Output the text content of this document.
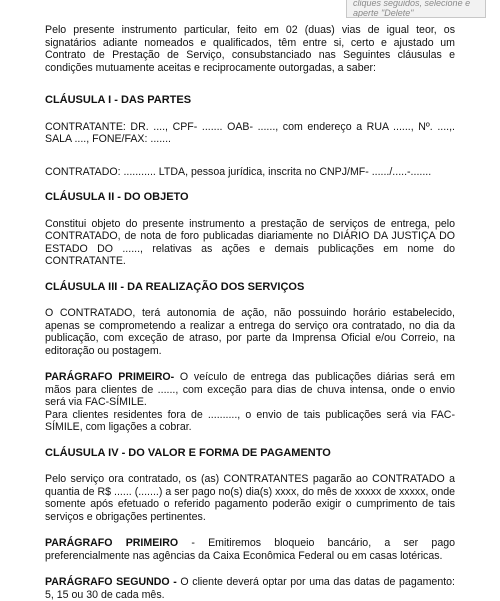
cliques seguidos, selecione e
aperte "Delete"

Pelo presente instrumento particular, feito em 02 (duas) vias de igual teor, os signatários adiante nomeados e qualificados, têm entre si, certo e ajustado um Contrato de Prestação de Serviço, consubstanciado nas Seguintes cláusulas e condições mutuamente aceitas e reciprocamente outorgadas, a saber:

CLÁUSULA I - DAS PARTES

CONTRATANTE: DR. ...., CPF- ....... OAB- ......, com endereço a RUA ......, Nº. ....,. SALA ...., FONE/FAX: .......

CONTRATADO: ........... LTDA, pessoa jurídica, inscrita no CNPJ/MF- ....../.....-.......

CLÁUSULA II - DO OBJETO

Constitui objeto do presente instrumento a prestação de serviços de entrega, pelo CONTRATADO, de nota de foro publicadas diariamente no DIÁRIO DA JUSTIÇA DO ESTADO DO ......, relativas as ações e demais publicações em nome do CONTRATANTE.

CLÁUSULA III - DA REALIZAÇÃO DOS SERVIÇOS

O CONTRATADO, terá autonomia de ação, não possuindo horário estabelecido, apenas se comprometendo a realizar a entrega do serviço ora contratado, no dia da publicação, com exceção de atraso, por parte da Imprensa Oficial e/ou Correio, na editoração ou postagem.

PARÁGRAFO PRIMEIRO- O veículo de entrega das publicações diárias será em mãos para clientes de ......, com exceção para dias de chuva intensa, onde o envio será via FAC-SÍMILE.

Para clientes residentes fora de .........., o envio de tais publicações será via FAC-SÍMILE, com ligações a cobrar.

CLÁUSULA IV - DO VALOR E FORMA DE PAGAMENTO

Pelo serviço ora contratado, os (as) CONTRATANTES pagarão ao CONTRATADO a quantia de R$ ...... (.......) a ser pago no(s) dia(s) xxxx, do mês de xxxxx de xxxxx, onde somente após efetuado o referido pagamento poderão exigir o cumprimento de tais serviços e obrigações pertinentes.

PARÁGRAFO PRIMEIRO - Emitiremos bloqueio bancário, a ser pago preferencialmente nas agências da Caixa Econômica Federal ou em casas lotéricas.

PARÁGRAFO SEGUNDO - O cliente deverá optar por uma das datas de pagamento: 5, 15 ou 30 de cada mês.
